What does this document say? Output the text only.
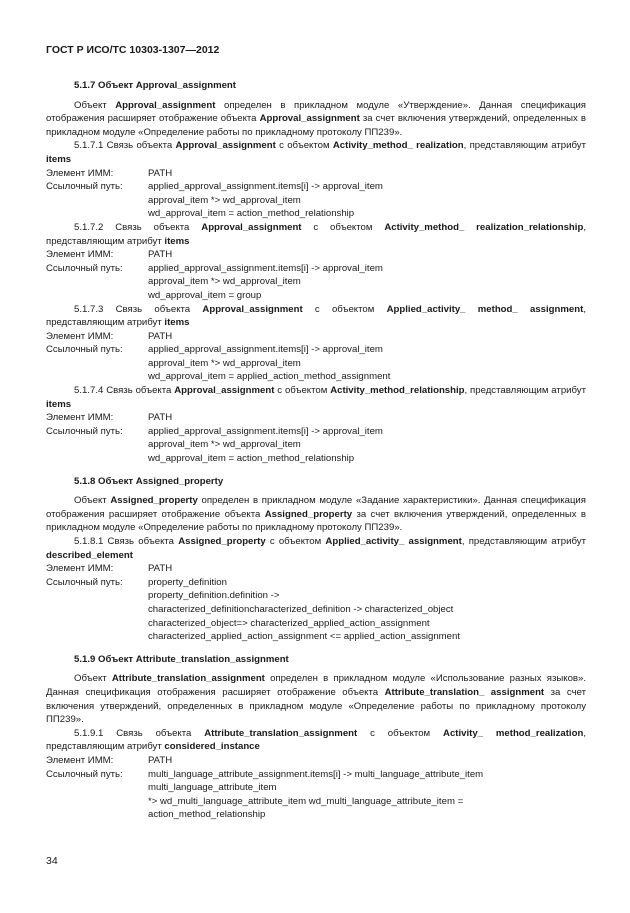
ГОСТ Р ИСО/ТС 10303-1307—2012
5.1.7 Объект Approval_assignment

Объект Approval_assignment определен в прикладном модуле «Утверждение». Данная спецификация отображения расширяет отображение объекта Approval_assignment за счет включения утверждений, определенных в прикладном модуле «Определение работы по прикладному протоколу ПП239».

5.1.7.1 Связь объекта Approval_assignment с объектом Activity_method_ realization, представляющим атрибут items

Элемент ИММ:	PATH
Ссылочный путь:	applied_approval_assignment.items[i] -> approval_item
approval_item *> wd_approval_item
wd_approval_item = action_method_relationship

5.1.7.2 Связь объекта Approval_assignment с объектом Activity_method_ realization_relationship, представляющим атрибут items

Элемент ИММ:	PATH
Ссылочный путь:	applied_approval_assignment.items[i] -> approval_item
approval_item *> wd_approval_item
wd_approval_item = group

5.1.7.3 Связь объекта Approval_assignment с объектом Applied_activity_ method_ assignment, представляющим атрибут items

Элемент ИММ:	PATH
Ссылочный путь:	applied_approval_assignment.items[i] -> approval_item
approval_item *> wd_approval_item
wd_approval_item = applied_action_method_assignment

5.1.7.4 Связь объекта Approval_assignment с объектом Activity_method_relationship, представляющим атрибут items

Элемент ИММ:	PATH
Ссылочный путь:	applied_approval_assignment.items[i] -> approval_item
approval_item *> wd_approval_item
wd_approval_item = action_method_relationship
5.1.8 Объект Assigned_property

Объект Assigned_property определен в прикладном модуле «Задание характеристики». Данная спецификация отображения расширяет отображение объекта Assigned_property за счет включения утверждений, определенных в прикладном модуле «Определение работы по прикладному протоколу ПП239».

5.1.8.1 Связь объекта Assigned_property с объектом Applied_activity_ assignment, представляющим атрибут described_element

Элемент ИММ:	PATH
Ссылочный путь:	property_definition
property_definition.definition ->
characterized_definitioncharacterized_definition -> characterized_object
characterized_object=> characterized_applied_action_assignment
characterized_applied_action_assignment <= applied_action_assignment
5.1.9 Объект Attribute_translation_assignment

Объект Attribute_translation_assignment определен в прикладном модуле «Использование разных языков». Данная спецификация отображения расширяет отображение объекта Attribute_translation_ assignment за счет включения утверждений, определенных в прикладном модуле «Определение работы по прикладному протоколу ПП239».

5.1.9.1 Связь объекта Attribute_translation_assignment с объектом Activity_ method_realization, представляющим атрибут considered_instance

Элемент ИММ:	PATH
Ссылочный путь:	multi_language_attribute_assignment.items[i] -> multi_language_attribute_item
multi_language_attribute_item
*> wd_multi_language_attribute_item wd_multi_language_attribute_item =
action_method_relationship
34
